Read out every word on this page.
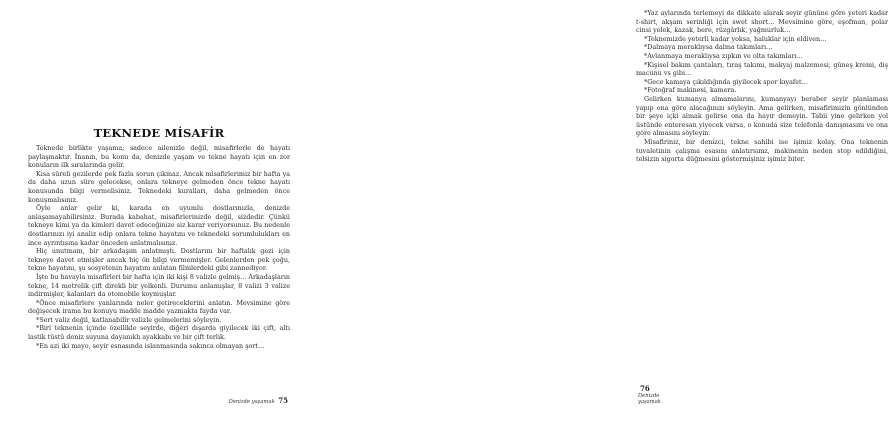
TEKNEDE MİSAFİR

Teknede birlikte yaşama; sadece ailenizle değil, misafirlerle de hayatı paylaşmaktır. İnanın, bu konu da, denizde yaşam ve tekne hayatı için en zor konuların ilk sıralarında gelir.

Kısa süreli gezilerde pek fazla sorun çıkmaz. Ancak misafirlerimiz bir hafta ya da daha uzun süre gelecekse, onlara tekneye gelmeden önce tekne hayatı konusunda bilgi vermelisiniz. Teknedeki kuralları, daha gelmeden önce konuşmalısınız.

Öyle anlar gelir ki, karada en uyumlu dostlarınızla, denizde anlaşamayabilirsiniz. Burada kabahat, misafirlerinizde değil, sizdedir. Çünkü tekneye kimi ya da kimleri davet edeceğinize siz karar veriyorsunuz. Bu nedenle dostlarınızı iyi analiz edip onlara tekne hayatını ve teknedeki sorumlulukları en ince ayrıntısına kadar önceden anlatmalısınız.

Hiç unutmam, bir arkadaşım anlatmıştı. Dostlarını bir haftalık gezi için tekneye davet etmişler ancak hiç ön bilgi vermemişler. Gelenlerden pek çoğu, tekne hayatını, şu sosyetenin hayatını anlatan filmlerdeki gibi zannediyor.

İşte bu havayla misafirleri bir hafta için iki kişi 8 valizle gelmiş… Arkadaşların tekne, 14 metrelik çift direkli bir yelkenli. Durumu anlamışlar, 8 valizi 3 valize indirmişler, kalanları da otomobile koymuşlar.

*Önce misafirlere yanlarında neler getireceklerini anlatın. Mevsimine göre değişecek irama bu konuyu madde madde yazmakta fayda var.

*Sert valiz değil, katlanabilir valizle gelmelerini söyleyin.

*Biri teknenin içinde özellikle seyirde, diğeri dışarda giyilecek iki çift, altı lastik tüstü deniz suyuna dayanıklı ayakkabı ve bir çift terlik.

*En azi iki mayo, seyir esnasında islanmasında sakınca olmayan şort…

Denizde yaşamak 75

*Yaz aylarında terlemeyi de dikkate alarak seyir gününe göre yeteri kadar t-shirt, akşam serinliği için swet short… Mevsimine göre, eşofman, polar cinsi yelek, kazak, bere, rüzgârlık, yağmurluk…

*Teknemizde yeterli kadar yoksa, haluklar için eldiven…

*Dalmaya meraklıysa dalma takımları…

*Avlanmaya meraklıysa zıpkın ve olta takımları…

*Kişisel bakım çantaları, tıraş takımı, makyaj malzemesi, güneş kremi, diş macunu vs gibi…

*Gece kamaya çıkıldığında giyilecek spor kıyafet…

*Fotoğraf makinesi, kamera.

Gelirken kumanya almamalarını, kumanyayı beraber seyir planlaması yapıp ona göre alacağınızı söyleyin. Ama gelirken, misafirimizin gönlünden bir şeye içki almak gelirse ona da hayır demeyin. Tabii yine gelirken yol üstünde enteresan yiyecek varsa, o konuda size telefonla danışmasını ve ona göre almasını söyleyin.

Misafiriniz, bir denizci, tekne sahibi ise işimiz kolay. Ona teknenin tuvaletinin çalışma esasını anlatırsınız, makinenin neden stop edildiğini, telsizin sigorta düğmesini göstermişiniz işimiz biter.

76 Denizde yaşamak
